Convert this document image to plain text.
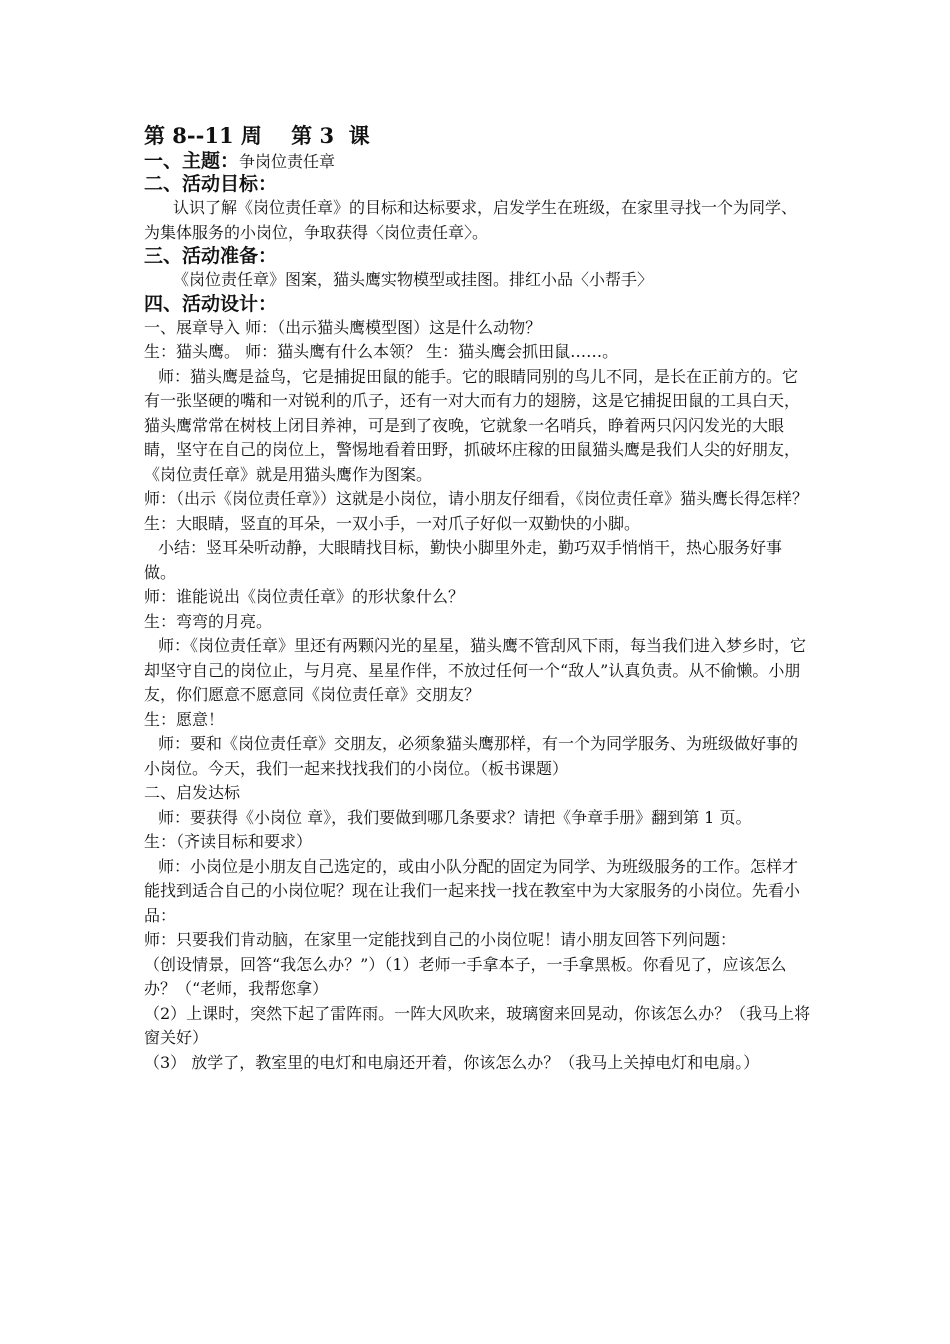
第 8--11 周    第 3  课

一、主题：争岗位责任章

二、活动目标：

认识了解《岗位责任章》的目标和达标要求，启发学生在班级，在家里寻找一个为同学、为集体服务的小岗位，争取获得〈岗位责任章〉。

三、活动准备：

《岗位责任章》图案，猫头鹰实物模型或挂图。排红小品〈小帮手〉

四、活动设计：

一、展章导入 师：（出示猫头鹰模型图）这是什么动物？

生：猫头鹰。 师：猫头鹰有什么本领？ 生：猫头鹰会抓田鼠……。

师：猫头鹰是益鸟，它是捕捉田鼠的能手。它的眼睛同别的鸟儿不同，是长在正前方的。它有一张坚硬的嘴和一对锐利的爪子，还有一对大而有力的翅膀，这是它捕捉田鼠的工具白天，猫头鹰常常在树枝上闭目养神，可是到了夜晚，它就象一名哨兵，睁着两只闪闪发光的大眼睛，坚守在自己的岗位上，警惕地看着田野，抓破坏庄稼的田鼠猫头鹰是我们人尖的好朋友，《岗位责任章》就是用猫头鹰作为图案。

师：（出示《岗位责任章》）这就是小岗位，请小朋友仔细看，《岗位责任章》猫头鹰长得怎样？

生：大眼睛，竖直的耳朵，一双小手，一对爪子好似一双勤快的小脚。

小结：竖耳朵听动静，大眼睛找目标，勤快小脚里外走，勤巧双手悄悄干，热心服务好事做。

师：谁能说出《岗位责任章》的形状象什么？

生：弯弯的月亮。

师：《岗位责任章》里还有两颗闪光的星星，猫头鹰不管刮风下雨，每当我们进入梦乡时，它却坚守自己的岗位止，与月亮、星星作伴，不放过任何一个“敌人”认真负责。从不偷懒。小朋友，你们愿意不愿意同《岗位责任章》交朋友？

生：愿意！

师：要和《岗位责任章》交朋友，必须象猫头鹰那样，有一个为同学服务、为班级做好事的小岗位。今天，我们一起来找找我们的小岗位。（板书课题）

二、启发达标

师：要获得《小岗位 章》，我们要做到哪几条要求？请把《争章手册》翻到第 1 页。

生：（齐读目标和要求）

师：小岗位是小朋友自己选定的，或由小队分配的固定为同学、为班级服务的工作。怎样才能找到适合自己的小岗位呢？现在让我们一起来找一找在教室中为大家服务的小岗位。先看小品：

师：只要我们肯动脑，在家里一定能找到自己的小岗位呢！请小朋友回答下列问题：

（创设情景，回答“我怎么办？”）（1）老师一手拿本子，一手拿黑板。你看见了，应该怎么办？（“老师，我帮您拿）

（2）上课时，突然下起了雷阵雨。一阵大风吹来，玻璃窗来回晃动，你该怎么办？（我马上将窗关好）

（3） 放学了，教室里的电灯和电扇还开着，你该怎么办？（我马上关掉电灯和电扇。）
